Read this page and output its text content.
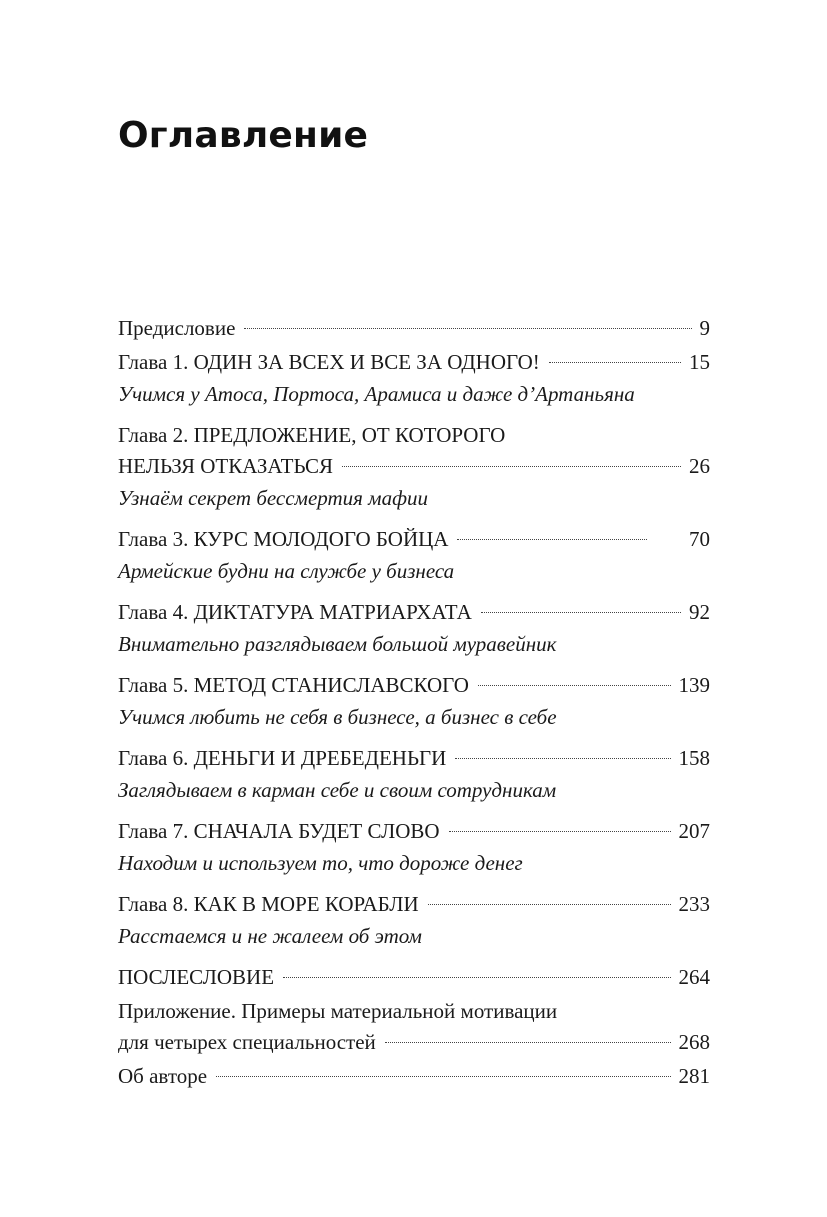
Оглавление
Предисловие	9
Глава 1. ОДИН ЗА ВСЕХ И ВСЕ ЗА ОДНОГО!	15
Учимся у Атоса, Портоса, Арамиса и даже д’Артаньяна
Глава 2. ПРЕДЛОЖЕНИЕ, ОТ КОТОРОГО
НЕЛЬЗЯ ОТКАЗАТЬСЯ	26
Узнаём секрет бессмертия мафии
Глава 3. КУРС МОЛОДОГО БОЙЦА	70
Армейские будни на службе у бизнеса
Глава 4. ДИКТАТУРА МАТРИАРХАТА	92
Внимательно разглядываем большой муравейник
Глава 5. МЕТОД СТАНИСЛАВСКОГО	139
Учимся любить не себя в бизнесе, а бизнес в себе
Глава 6. ДЕНЬГИ И ДРЕБЕДЕНЬГИ	158
Заглядываем в карман себе и своим сотрудникам
Глава 7. СНАЧАЛА БУДЕТ СЛОВО	207
Находим и используем то, что дороже денег
Глава 8. КАК В МОРЕ КОРАБЛИ	233
Расстаемся и не жалеем об этом
ПОСЛЕСЛОВИЕ	264
Приложение. Примеры материальной мотивации
для четырех специальностей	268
Об авторе	281
